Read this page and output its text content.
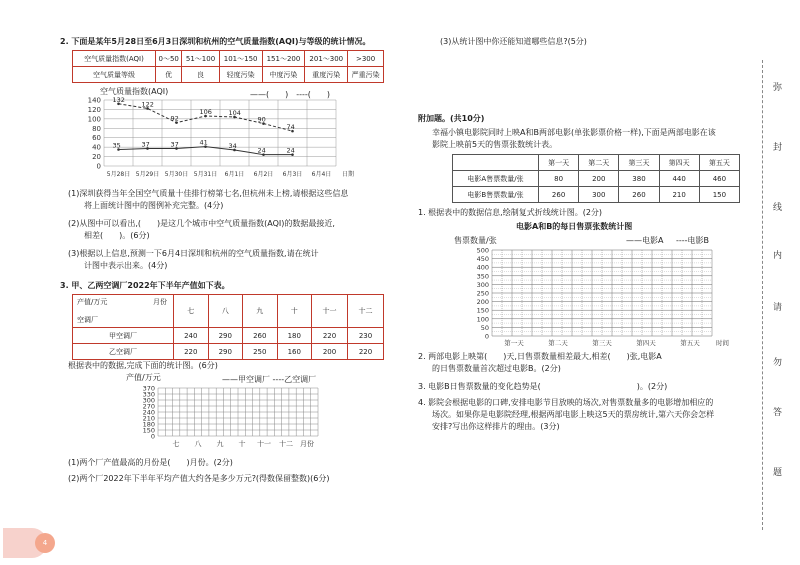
2. 下面是某年5月28日至6月3日深圳和杭州的空气质量指数(AQI)与等级的统计情况。
空气质量指数(AQI)	0～50	51～100	101～150	151～200	201～300	>300
空气质量等级	优	良	轻度污染	中度污染	重度污染	严重污染
0
20
40
60
80
100
120
140
5月28日 5月29日 5月30日 5月31日 6月1日 6月2日 6月3日 6月4日 日期
132
122
92
106	104
90
74
35	37	37	41	34
24	24
空气质量指数(AQI)	——(　　)　----(　　)
(1)深圳获得当年全国空气质量十佳排行榜第七名,但杭州未上榜,请根据这些信息
将上面统计图中的图例补充完整。(4分)
(2)从图中可以看出,(　　)是这几个城市中空气质量指数(AQI)的数据最接近,
相差(　　)。(6分)
(3)根据以上信息,预测一下6月4日深圳和杭州的空气质量指数,请在统计
计图中表示出来。(4分)
3. 甲、乙两空调厂2022年下半年产值如下表。
产值/万元 月份
空调厂	七	八	九	十	十一	十二
甲空调厂	240	290	260	180	220	230
乙空调厂	220	290	250	160	200	220
根据表中的数据,完成下面的统计图。(6分)
0
150
180
210
240
270
300
330
370
七 八 九 十 十一 十二 月份
产值/万元	——甲空调厂 ----乙空调厂
(1)两个厂产值最高的月份是(　　)月份。(2分)
(2)两个厂2022年下半年平均产值大约各是多少万元?(得数保留整数)(6分)
(3)从统计图中你还能知道哪些信息?(5分)
附加题。(共10分)
幸福小镇电影院同时上映A和B两部电影(单张影票价格一样),下面是两部电影在该
影院上映前5天的售票张数统计表。
	第一天	第二天	第三天	第四天	第五天
电影A售票数量/张	80	200	380	440	460
电影B售票数量/张	260	300	260	210	150
1. 根据表中的数据信息,绘制复式折线统计图。(2分)
电影A和B的每日售票张数统计图
售票数量/张	——电影A ----电影B
0
50
100
150
200
250
300
350
400
450
500
第一天	第二天	第三天	第四天	第五天	时间
2. 两部电影上映第(　　)天,日售票数量相差最大,相差(　　)张,电影A
的日售票数量首次超过电影B。(2分)
3. 电影B日售票数量的变化趋势是(　　　　　　　　　　　　)。(2分)
4. 影院会根据电影的口碑,安排电影节目放映的场次,对售票数量多的电影增加相应的
场次。如果你是电影院经理,根据两部电影上映这5天的票房统计,第六天你会怎样
安排?写出你这样排片的理由。(3分)
弥
封
线
内
请
勿
答
题
4
